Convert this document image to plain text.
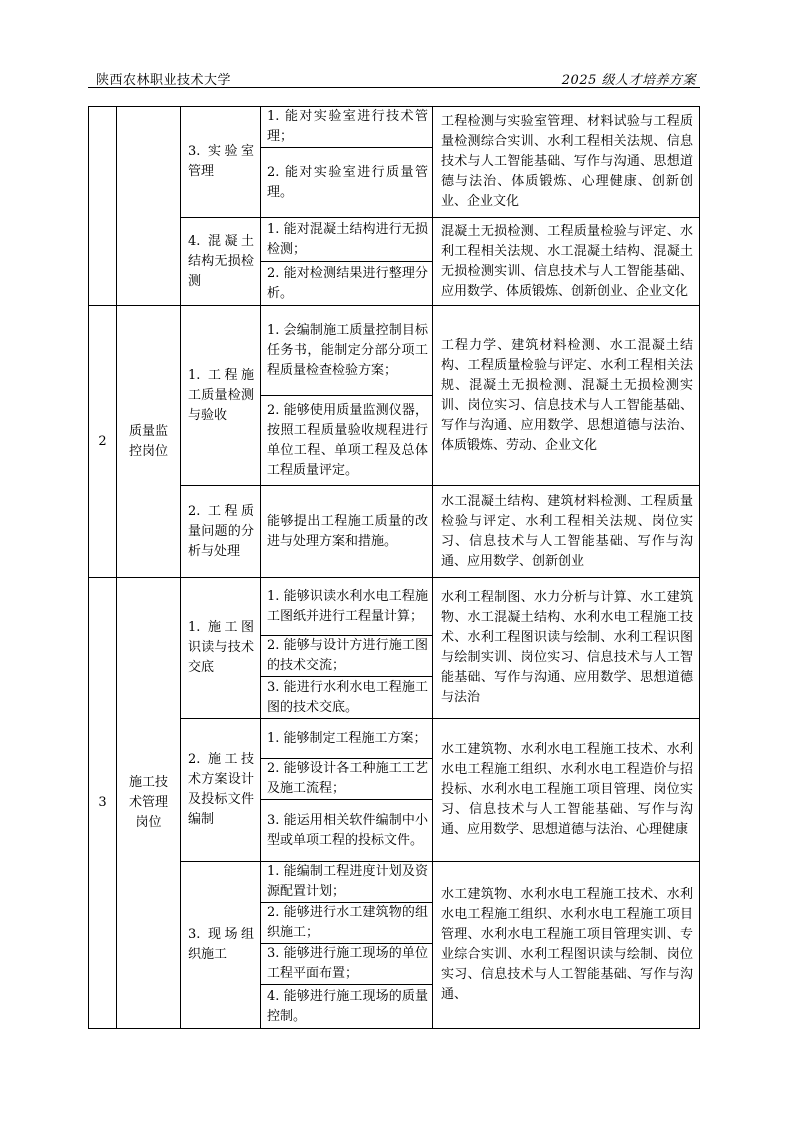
陕西农林职业技术大学	2025 级人才培养方案
		3. 实验室管理	1. 能对实验室进行技术管理；	工程检测与实验室管理、材料试验与工程质量检测综合实训、水利工程相关法规、信息技术与人工智能基础、写作与沟通、思想道德与法治、体质锻炼、心理健康、创新创业、企业文化
			2. 能对实验室进行质量管理。	
		4. 混凝土结构无损检测	1. 能对混凝土结构进行无损检测；	混凝土无损检测、工程质量检验与评定、水利工程相关法规、水工混凝土结构、混凝土无损检测实训、信息技术与人工智能基础、应用数学、体质锻炼、创新创业、企业文化
			2. 能对检测结果进行整理分析。	
2	质量监控岗位	1. 工程施工质量检测与验收	1. 会编制施工质量控制目标任务书，能制定分部分项工程质量检查检验方案；	工程力学、建筑材料检测、水工混凝土结构、工程质量检验与评定、水利工程相关法规、混凝土无损检测、混凝土无损检测实训、岗位实习、信息技术与人工智能基础、写作与沟通、应用数学、思想道德与法治、体质锻炼、劳动、企业文化
			2. 能够使用质量监测仪器，按照工程质量验收规程进行单位工程、单项工程及总体工程质量评定。	
		2. 工程质量问题的分析与处理	能够提出工程施工质量的改进与处理方案和措施。	水工混凝土结构、建筑材料检测、工程质量检验与评定、水利工程相关法规、岗位实习、信息技术与人工智能基础、写作与沟通、应用数学、创新创业
3	施工技术管理岗位	1. 施工图识读与技术交底	1. 能够识读水利水电工程施工图纸并进行工程量计算；	水利工程制图、水力分析与计算、水工建筑物、水工混凝土结构、水利水电工程施工技术、水利工程图识读与绘制、水利工程识图与绘制实训、岗位实习、信息技术与人工智能基础、写作与沟通、应用数学、思想道德与法治
			2. 能够与设计方进行施工图的技术交流；	
			3. 能进行水利水电工程施工图的技术交底。	
		2. 施工技术方案设计及投标文件编制	1. 能够制定工程施工方案；	水工建筑物、水利水电工程施工技术、水利水电工程施工组织、水利水电工程造价与招投标、水利水电工程施工项目管理、岗位实习、信息技术与人工智能基础、写作与沟通、应用数学、思想道德与法治、心理健康
			2. 能够设计各工种施工工艺及施工流程；	
			3. 能运用相关软件编制中小型或单项工程的投标文件。	
		3. 现场组织施工	1. 能编制工程进度计划及资源配置计划；	水工建筑物、水利水电工程施工技术、水利水电工程施工组织、水利水电工程施工项目管理、水利水电工程施工项目管理实训、专业综合实训、水利工程图识读与绘制、岗位实习、信息技术与人工智能基础、写作与沟通、
			2. 能够进行水工建筑物的组织施工；	
			3. 能够进行施工现场的单位工程平面布置；	
			4. 能够进行施工现场的质量控制。	
